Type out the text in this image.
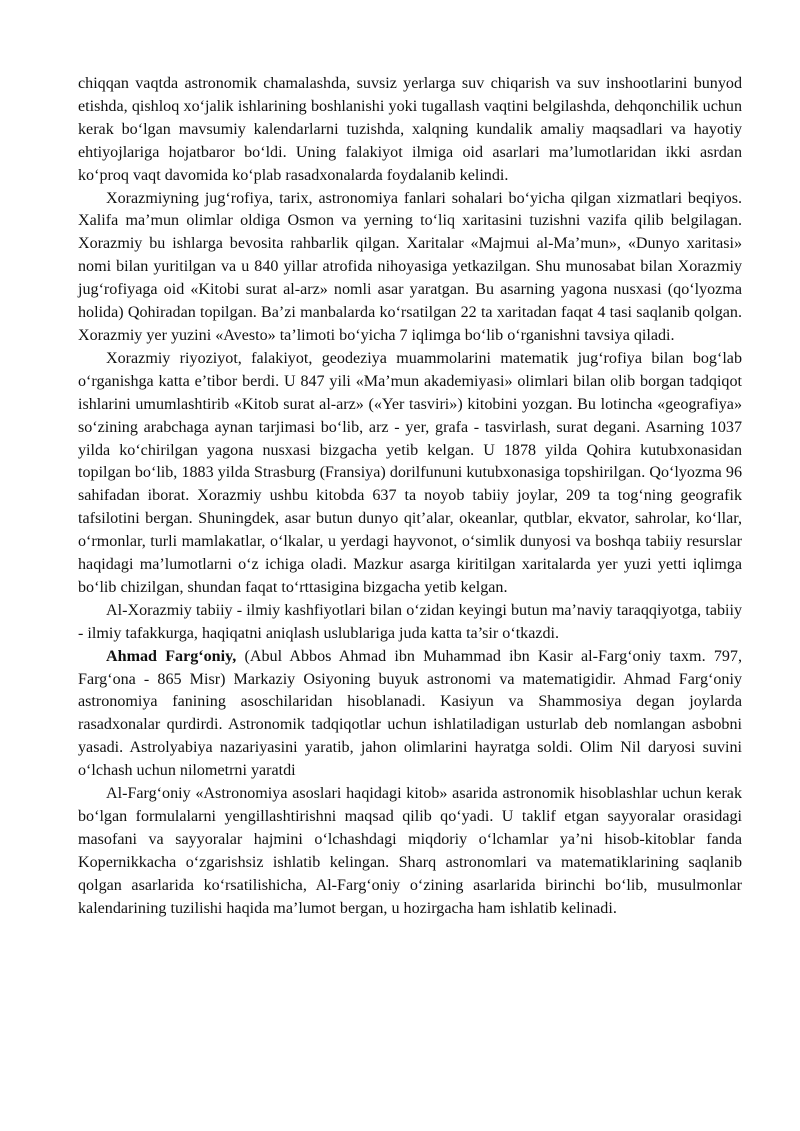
chiqqan vaqtda astronomik chamalashda, suvsiz yerlarga suv chiqarish va suv inshootlarini bunyod etishda, qishloq xo‘jalik ishlarining boshlanishi yoki tugallash vaqtini belgilashda, dehqonchilik uchun kerak bo‘lgan mavsumiy kalendarlarni tuzishda, xalqning kundalik amaliy maqsadlari va hayotiy ehtiyojlariga hojatbaror bo‘ldi. Uning falakiyot ilmiga oid asarlari ma’lumotlaridan ikki asrdan ko‘proq vaqt davomida ko‘plab rasadxonalarda foydalanib kelindi.

Xorazmiyning jug‘rofiya, tarix, astronomiya fanlari sohalari bo‘yicha qilgan xizmatlari beqiyos. Xalifa ma’mun olimlar oldiga Osmon va yerning to‘liq xaritasini tuzishni vazifa qilib belgilagan. Xorazmiy bu ishlarga bevosita rahbarlik qilgan. Xaritalar «Majmui al-Ma’mun», «Dunyo xaritasi» nomi bilan yuritilgan va u 840 yillar atrofida nihoyasiga yetkazilgan. Shu munosabat bilan Xorazmiy jug‘rofiyaga oid «Kitobi surat al-arz» nomli asar yaratgan. Bu asarning yagona nusxasi (qo‘lyozma holida) Qohiradan topilgan. Ba’zi manbalarda ko‘rsatilgan 22 ta xaritadan faqat 4 tasi saqlanib qolgan. Xorazmiy yer yuzini «Avesto» ta’limoti bo‘yicha 7 iqlimga bo‘lib o‘rganishni tavsiya qiladi.

Xorazmiy riyoziyot, falakiyot, geodeziya muammolarini matematik jug‘rofiya bilan bog‘lab o‘rganishga katta e’tibor berdi. U 847 yili «Ma’mun akademiyasi» olimlari bilan olib borgan tadqiqot ishlarini umumlashtirib «Kitob surat al-arz» («Yer tasviri») kitobini yozgan. Bu lotincha «geografiya» so‘zining arabchaga aynan tarjimasi bo‘lib, arz - yer, grafa - tasvirlash, surat degani. Asarning 1037 yilda ko‘chirilgan yagona nusxasi bizgacha yetib kelgan. U 1878 yilda Qohira kutubxonasidan topilgan bo‘lib, 1883 yilda Strasburg (Fransiya) dorilfununi kutubxonasiga topshirilgan. Qo‘lyozma 96 sahifadan iborat. Xorazmiy ushbu kitobda 637 ta noyob tabiiy joylar, 209 ta tog‘ning geografik tafsilotini bergan. Shuningdek, asar butun dunyo qit’alar, okeanlar, qutblar, ekvator, sahrolar, ko‘llar, o‘rmonlar, turli mamlakatlar, o‘lkalar, u yerdagi hayvonot, o‘simlik dunyosi va boshqa tabiiy resurslar haqidagi ma’lumotlarni o‘z ichiga oladi. Mazkur asarga kiritilgan xaritalarda yer yuzi yetti iqlimga bo‘lib chizilgan, shundan faqat to‘rttasigina bizgacha yetib kelgan.

Al-Xorazmiy tabiiy - ilmiy kashfiyotlari bilan o‘zidan keyingi butun ma’naviy taraqqiyotga, tabiiy - ilmiy tafakkurga, haqiqatni aniqlash uslublariga juda katta ta’sir o‘tkazdi.

Ahmad Farg‘oniy, (Abul Abbos Ahmad ibn Muhammad ibn Kasir al-Farg‘oniy taxm. 797, Farg‘ona - 865 Misr) Markaziy Osiyoning buyuk astronomi va matematigidir. Ahmad Farg‘oniy astronomiya fanining asoschilaridan hisoblanadi. Kasiyun va Shammosiya degan joylarda rasadxonalar qurdirdi. Astronomik tadqiqotlar uchun ishlatiladigan usturlab deb nomlangan asbobni yasadi. Astrolyabiya nazariyasini yaratib, jahon olimlarini hayratga soldi. Olim Nil daryosi suvini o‘lchash uchun nilometrni yaratdi

Al-Farg‘oniy «Astronomiya asoslari haqidagi kitob» asarida astronomik hisoblashlar uchun kerak bo‘lgan formulalarni yengillashtirishni maqsad qilib qo‘yadi. U taklif etgan sayyoralar orasidagi masofani va sayyoralar hajmini o‘lchashdagi miqdoriy o‘lchamlar ya’ni hisob-kitoblar fanda Kopernikkacha o‘zgarishsiz ishlatib kelingan. Sharq astronomlari va matematiklarining saqlanib qolgan asarlarida ko‘rsatilishicha, Al-Farg‘oniy o‘zining asarlarida birinchi bo‘lib, musulmonlar kalendarining tuzilishi haqida ma’lumot bergan, u hozirgacha ham ishlatib kelinadi.
